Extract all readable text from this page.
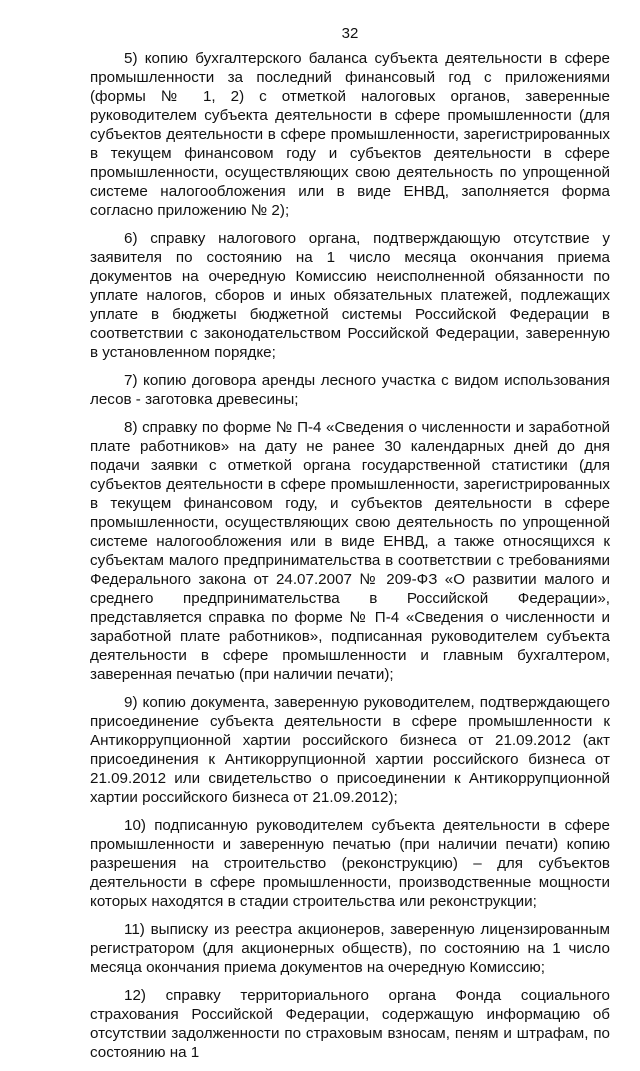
32

5) копию бухгалтерского баланса субъекта деятельности в сфере промышленности за последний финансовый год с приложениями (формы № 1, 2) с отметкой налоговых органов, заверенные руководителем субъекта деятельности в сфере промышленности (для субъектов деятельности в сфере промышленности, зарегистрированных в текущем финансовом году и субъектов деятельности в сфере промышленности, осуществляющих свою деятельность по упрощенной системе налогообложения или в виде ЕНВД, заполняется форма согласно приложению № 2);

6) справку налогового органа, подтверждающую отсутствие у заявителя по состоянию на 1 число месяца окончания приема документов на очередную Комиссию неисполненной обязанности по уплате налогов, сборов и иных обязательных платежей, подлежащих уплате в бюджеты бюджетной системы Российской Федерации в соответствии с законодательством Российской Федерации, заверенную в установленном порядке;

7) копию договора аренды лесного участка с видом использования лесов - заготовка древесины;

8) справку по форме № П-4 «Сведения о численности и заработной плате работников» на дату не ранее 30 календарных дней до дня подачи заявки с отметкой органа государственной статистики (для субъектов деятельности в сфере промышленности, зарегистрированных в текущем финансовом году, и субъектов деятельности в сфере промышленности, осуществляющих свою деятельность по упрощенной системе налогообложения или в виде ЕНВД, а также относящихся к субъектам малого предпринимательства в соответствии с требованиями Федерального закона от 24.07.2007 № 209-ФЗ «О развитии малого и среднего предпринимательства в Российской Федерации», представляется справка по форме № П-4 «Сведения о численности и заработной плате работников», подписанная руководителем субъекта деятельности в сфере промышленности и главным бухгалтером, заверенная печатью (при наличии печати);

9) копию документа, заверенную руководителем, подтверждающего присоединение субъекта деятельности в сфере промышленности к Антикоррупционной хартии российского бизнеса от 21.09.2012 (акт присоединения к Антикоррупционной хартии российского бизнеса от 21.09.2012 или свидетельство о присоединении к Антикоррупционной хартии российского бизнеса от 21.09.2012);

10) подписанную руководителем субъекта деятельности в сфере промышленности и заверенную печатью (при наличии печати) копию разрешения на строительство (реконструкцию) – для субъектов деятельности в сфере промышленности, производственные мощности которых находятся в стадии строительства или реконструкции;

11) выписку из реестра акционеров, заверенную лицензированным регистратором (для акционерных обществ), по состоянию на 1 число месяца окончания приема документов на очередную Комиссию;

12) справку территориального органа Фонда социального страхования Российской Федерации, содержащую информацию об отсутствии задолженности по страховым взносам, пеням и штрафам, по состоянию на 1
